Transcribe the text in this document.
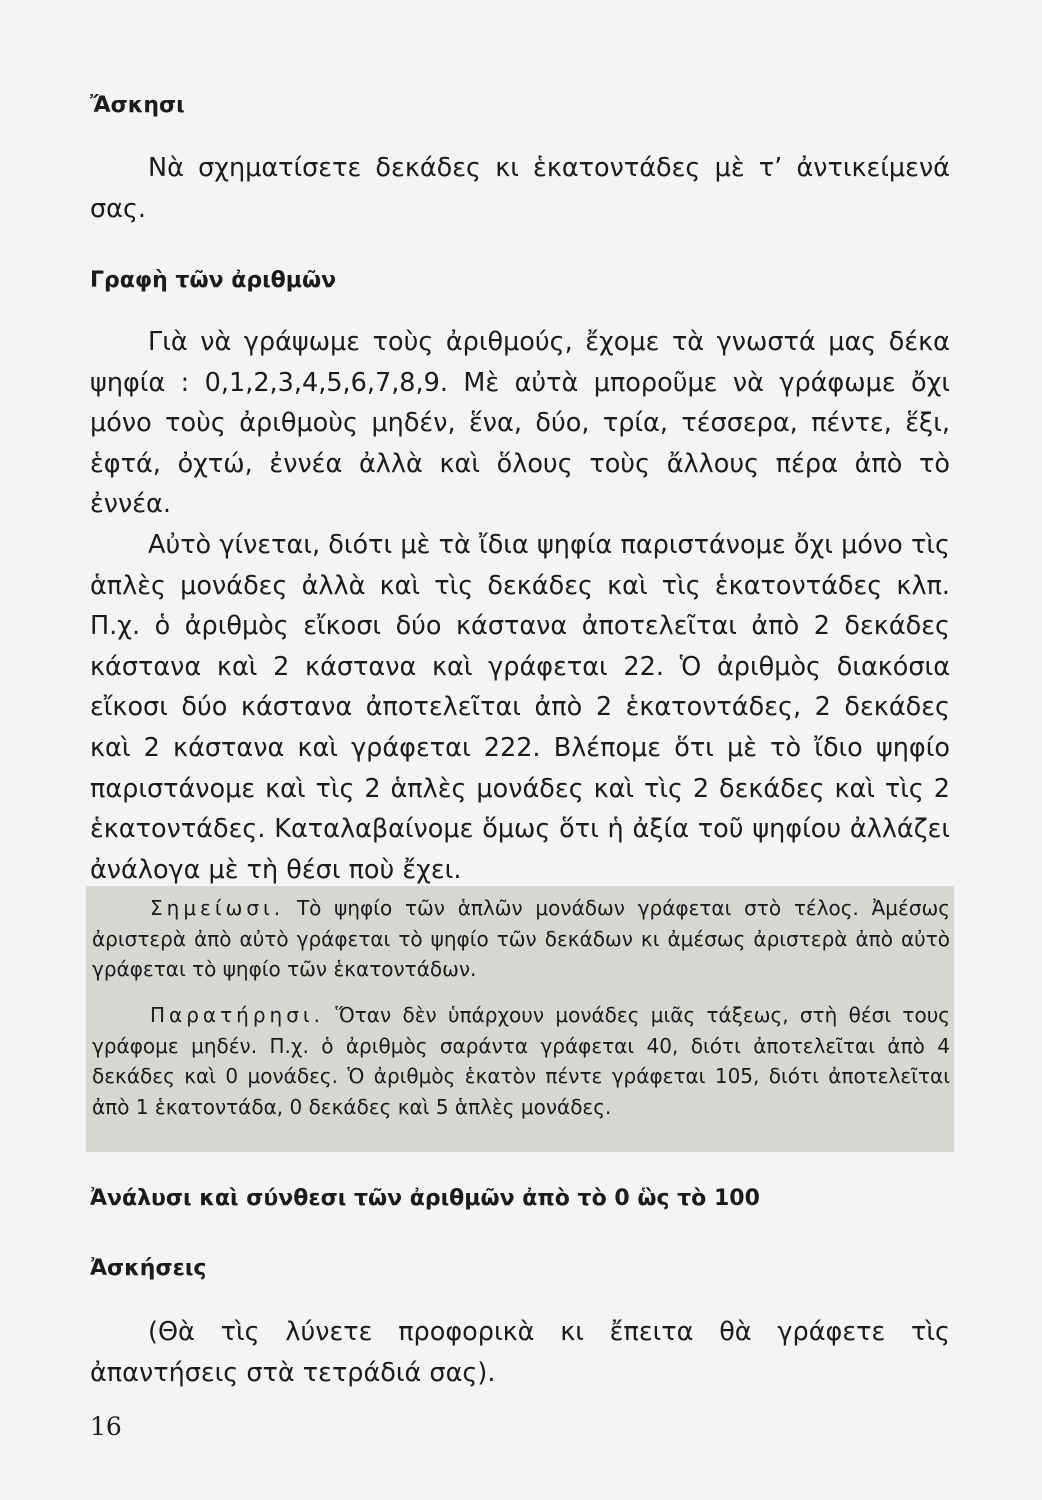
Ἄσκησι

Νὰ σχηματίσετε δεκάδες κι ἑκατοντάδες μὲ τ’ ἀντικείμενά σας.

Γραφὴ τῶν ἀριθμῶν

Γιὰ νὰ γράψωμε τοὺς ἀριθμούς, ἔχομε τὰ γνωστά μας δέκα ψηφία : 0,1,2,3,4,5,6,7,8,9. Μὲ αὐτὰ μποροῦμε νὰ γράφωμε ὄχι μόνο τοὺς ἀριθμοὺς μηδέν, ἕνα, δύο, τρία, τέσσερα, πέντε, ἕξι, ἑφτά, ὀχτώ, ἐννέα ἀλλὰ καὶ ὅλους τοὺς ἄλλους πέρα ἀπὸ τὸ ἐννέα.

Αὐτὸ γίνεται, διότι μὲ τὰ ἴδια ψηφία παριστάνομε ὄχι μόνο τὶς ἁπλὲς μονάδες ἀλλὰ καὶ τὶς δεκάδες καὶ τὶς ἑκατοντάδες κλπ. Π.χ. ὁ ἀριθμὸς εἴκοσι δύο κάστανα ἀποτελεῖται ἀπὸ 2 δεκάδες κάστανα καὶ 2 κάστανα καὶ γράφεται 22. Ὁ ἀριθμὸς διακόσια εἴκοσι δύο κάστανα ἀποτελεῖται ἀπὸ 2 ἑκατοντάδες, 2 δεκάδες καὶ 2 κάστανα καὶ γράφεται 222. Βλέπομε ὅτι μὲ τὸ ἴδιο ψηφίο παριστάνομε καὶ τὶς 2 ἁπλὲς μονάδες καὶ τὶς 2 δεκάδες καὶ τὶς 2 ἑκατοντάδες. Καταλαβαίνομε ὅμως ὅτι ἡ ἀξία τοῦ ψηφίου ἀλλάζει ἀνάλογα μὲ τὴ θέσι ποὺ ἔχει.

Σημείωσι. Τὸ ψηφίο τῶν ἁπλῶν μονάδων γράφεται στὸ τέλος. Ἀμέσως ἀριστερὰ ἀπὸ αὐτὸ γράφεται τὸ ψηφίο τῶν δεκάδων κι ἀμέσως ἀριστερὰ ἀπὸ αὐτὸ γράφεται τὸ ψηφίο τῶν ἑκατοντάδων.

Παρατήρησι. Ὅταν δὲν ὑπάρχουν μονάδες μιᾶς τάξεως, στὴ θέσι τους γράφομε μηδέν. Π.χ. ὁ ἀριθμὸς σαράντα γράφεται 40, διότι ἀποτελεῖται ἀπὸ 4 δεκάδες καὶ 0 μονάδες. Ὁ ἀριθμὸς ἑκατὸν πέντε γράφεται 105, διότι ἀποτελεῖται ἀπὸ 1 ἑκατοντάδα, 0 δεκάδες καὶ 5 ἁπλὲς μονάδες.

Ἀνάλυσι καὶ σύνθεσι τῶν ἀριθμῶν ἀπὸ τὸ 0 ὣς τὸ 100
Ἀσκήσεις

(Θὰ τὶς λύνετε προφορικὰ κι ἔπειτα θὰ γράφετε τὶς ἀπαντήσεις στὰ τετράδιά σας).

16
